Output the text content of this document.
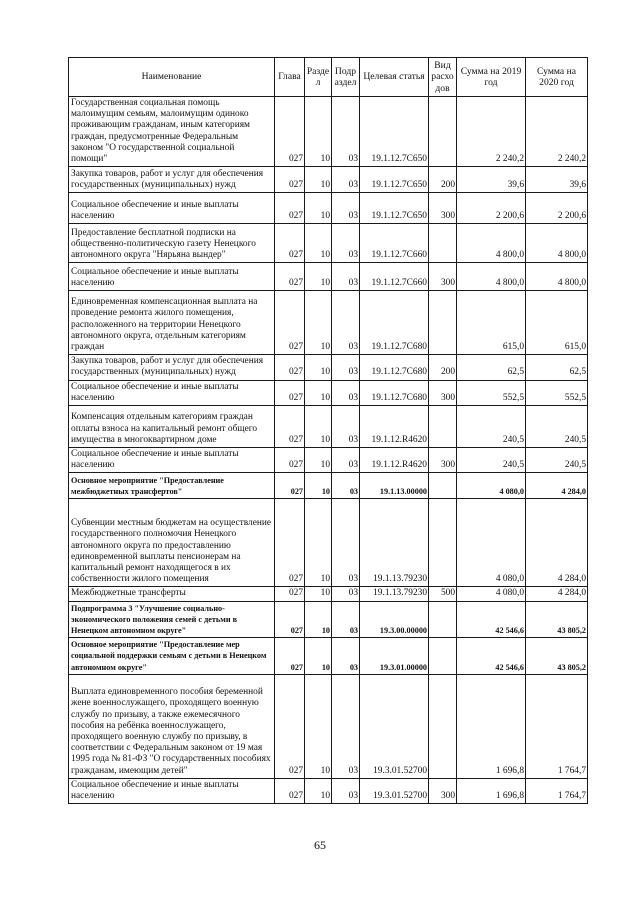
Наименование	Глава	Разде л	Подр аздел	Целевая статья	Вид расхо дов	Сумма на 2019 год	Сумма на 2020 год
Государственная социальная помощь малоимущим семьям, малоимущим одиноко проживающим гражданам, иным категориям граждан, предусмотренные Федеральным законом "О государственной социальной помощи"	027	10	03	19.1.12.7C650		2 240,2	2 240,2
Закупка товаров, работ и услуг для обеспечения государственных (муниципальных) нужд	027	10	03	19.1.12.7C650	200	39,6	39,6
Социальное обеспечение и иные выплаты населению	027	10	03	19.1.12.7C650	300	2 200,6	2 200,6
Предоставление бесплатной подписки на общественно-политическую газету Ненецкого автономного округа "Нярьяна вындер"	027	10	03	19.1.12.7C660		4 800,0	4 800,0
Социальное обеспечение и иные выплаты населению	027	10	03	19.1.12.7C660	300	4 800,0	4 800,0
Единовременная компенсационная выплата на проведение ремонта жилого помещения, расположенного на территории Ненецкого автономного округа, отдельным категориям граждан	027	10	03	19.1.12.7C680		615,0	615,0
Закупка товаров, работ и услуг для обеспечения государственных (муниципальных) нужд	027	10	03	19.1.12.7C680	200	62,5	62,5
Социальное обеспечение и иные выплаты населению	027	10	03	19.1.12.7C680	300	552,5	552,5
Компенсация отдельным категориям граждан оплаты взноса на капитальный ремонт общего имущества в многоквартирном доме	027	10	03	19.1.12.R4620		240,5	240,5
Социальное обеспечение и иные выплаты населению	027	10	03	19.1.12.R4620	300	240,5	240,5
Основное мероприятие "Предоставление межбюджетных трансфертов"	027	10	03	19.1.13.00000		4 080,0	4 284,0
Субвенции местным бюджетам на осуществление государственного полномочия Ненецкого автономного округа по предоставлению единовременной выплаты пенсионерам на капитальный ремонт находящегося в их собственности жилого помещения	027	10	03	19.1.13.79230		4 080,0	4 284,0
Межбюджетные трансферты	027	10	03	19.1.13.79230	500	4 080,0	4 284,0
Подпрограмма 3 "Улучшение социально-экономического положения семей с детьми в Ненецком автономном округе"	027	10	03	19.3.00.00000		42 546,6	43 805,2
Основное мероприятие "Предоставление мер социальной поддержки семьям с детьми в Ненецком автономном округе"	027	10	03	19.3.01.00000		42 546,6	43 805,2
Выплата единовременного пособия беременной жене военнослужащего, проходящего военную службу по призыву, а также ежемесячного пособия на ребёнка военнослужащего, проходящего военную службу по призыву, в соответствии с Федеральным законом от 19 мая 1995 года № 81-ФЗ "О государственных пособиях гражданам, имеющим детей"	027	10	03	19.3.01.52700		1 696,8	1 764,7
Социальное обеспечение и иные выплаты населению	027	10	03	19.3.01.52700	300	1 696,8	1 764,7
65
